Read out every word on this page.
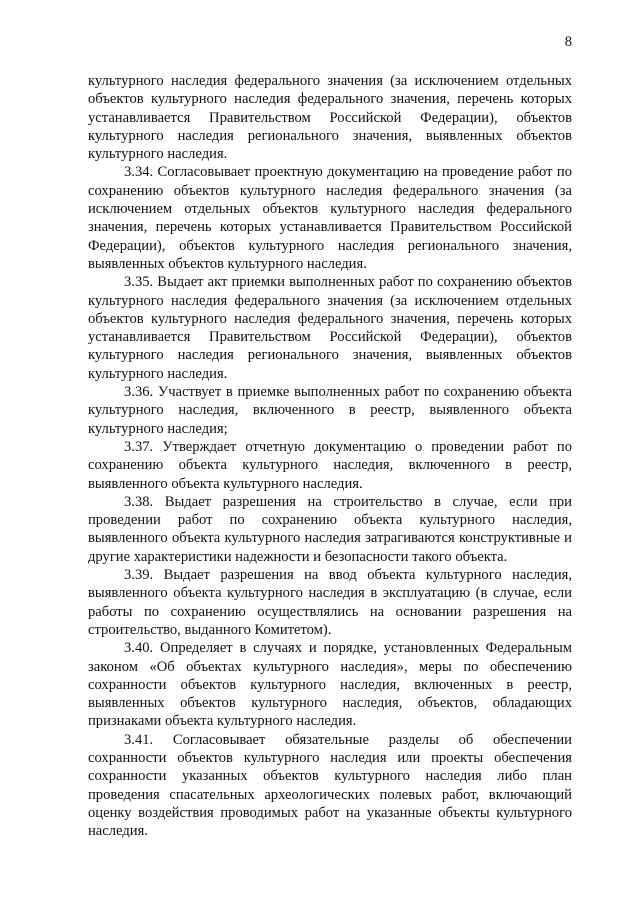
8

культурного наследия федерального значения (за исключением отдельных объектов культурного наследия федерального значения, перечень которых устанавливается Правительством Российской Федерации), объектов культурного наследия регионального значения, выявленных объектов культурного наследия.

3.34. Согласовывает проектную документацию на проведение работ по сохранению объектов культурного наследия федерального значения (за исключением отдельных объектов культурного наследия федерального значения, перечень которых устанавливается Правительством Российской Федерации), объектов культурного наследия регионального значения, выявленных объектов культурного наследия.

3.35. Выдает акт приемки выполненных работ по сохранению объектов культурного наследия федерального значения (за исключением отдельных объектов культурного наследия федерального значения, перечень которых устанавливается Правительством Российской Федерации), объектов культурного наследия регионального значения, выявленных объектов культурного наследия.

3.36. Участвует в приемке выполненных работ по сохранению объекта культурного наследия, включенного в реестр, выявленного объекта культурного наследия;

3.37. Утверждает отчетную документацию о проведении работ по сохранению объекта культурного наследия, включенного в реестр, выявленного объекта культурного наследия.

3.38. Выдает разрешения на строительство в случае, если при проведении работ по сохранению объекта культурного наследия, выявленного объекта культурного наследия затрагиваются конструктивные и другие характеристики надежности и безопасности такого объекта.

3.39. Выдает разрешения на ввод объекта культурного наследия, выявленного объекта культурного наследия в эксплуатацию (в случае, если работы по сохранению осуществлялись на основании разрешения на строительство, выданного Комитетом).

3.40. Определяет в случаях и порядке, установленных Федеральным законом «Об объектах культурного наследия», меры по обеспечению сохранности объектов культурного наследия, включенных в реестр, выявленных объектов культурного наследия, объектов, обладающих признаками объекта культурного наследия.

3.41. Согласовывает обязательные разделы об обеспечении сохранности объектов культурного наследия или проекты обеспечения сохранности указанных объектов культурного наследия либо план проведения спасательных археологических полевых работ, включающий оценку воздействия проводимых работ на указанные объекты культурного наследия.
